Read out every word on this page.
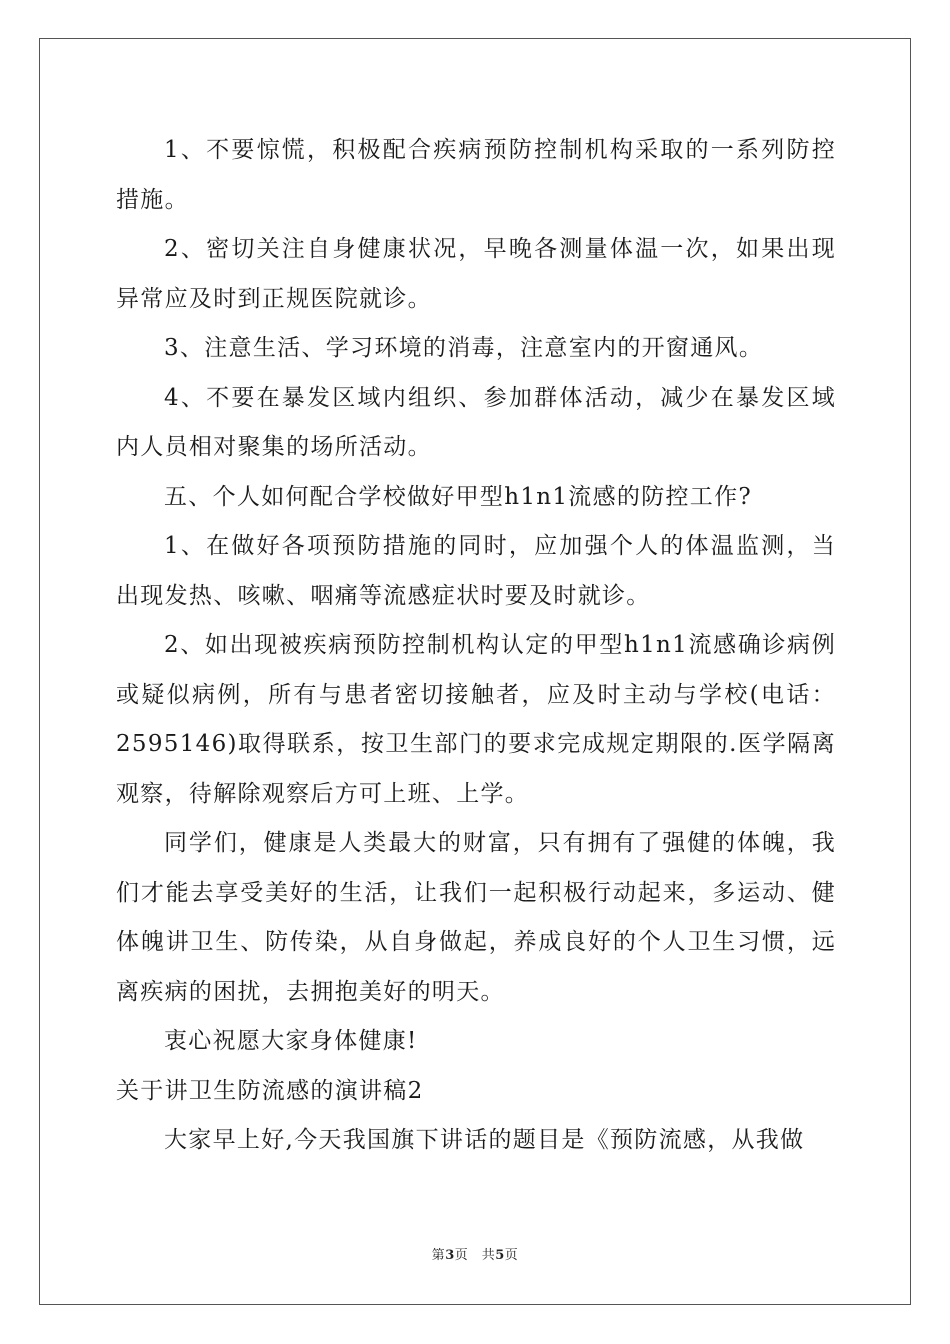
1、不要惊慌，积极配合疾病预防控制机构采取的一系列防控措施。

2、密切关注自身健康状况，早晚各测量体温一次，如果出现异常应及时到正规医院就诊。

3、注意生活、学习环境的消毒，注意室内的开窗通风。

4、不要在暴发区域内组织、参加群体活动，减少在暴发区域内人员相对聚集的场所活动。

五、个人如何配合学校做好甲型h1n1流感的防控工作?

1、在做好各项预防措施的同时，应加强个人的体温监测，当出现发热、咳嗽、咽痛等流感症状时要及时就诊。

2、如出现被疾病预防控制机构认定的甲型h1n1流感确诊病例或疑似病例，所有与患者密切接触者，应及时主动与学校(电话：2595146)取得联系，按卫生部门的要求完成规定期限的.医学隔离观察，待解除观察后方可上班、上学。

同学们，健康是人类最大的财富，只有拥有了强健的体魄，我们才能去享受美好的生活，让我们一起积极行动起来，多运动、健体魄讲卫生、防传染，从自身做起，养成良好的个人卫生习惯，远离疾病的困扰，去拥抱美好的明天。

衷心祝愿大家身体健康!

关于讲卫生防流感的演讲稿2

大家早上好,今天我国旗下讲话的题目是《预防流感，从我做

第3页　共5页
